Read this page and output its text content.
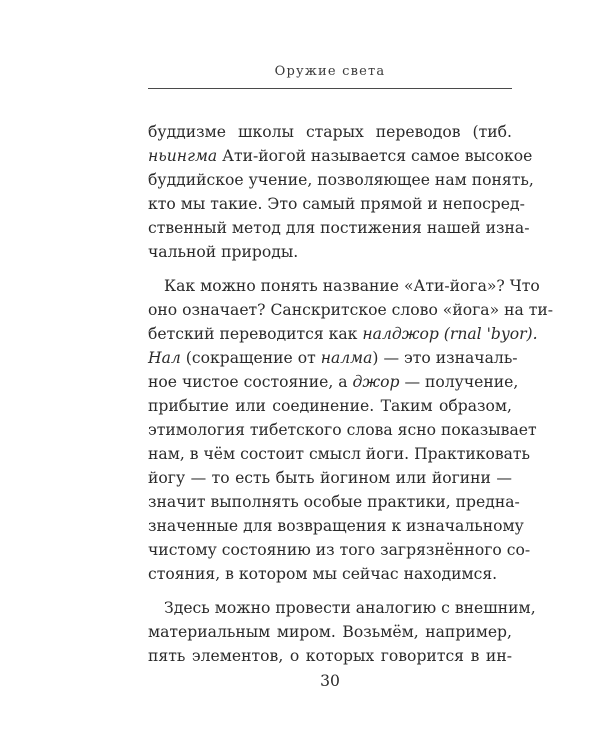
Оружие света
буддизме школы старых переводов (тиб.
ньингма Ати-йогой называется самое высокое
буддийское учение, позволяющее нам понять,
кто мы такие. Это самый прямой и непосред-
ственный метод для постижения нашей изна-
чальной природы.
Как можно понять название «Ати-йога»? Что
оно означает? Санскритское слово «йога» на ти-
бетский переводится как налджор (rnal 'byor).
Нал (сокращение от налма) — это изначаль-
ное чистое состояние, а джор — получение,
прибытие или соединение. Таким образом,
этимология тибетского слова ясно показывает
нам, в чём состоит смысл йоги. Практиковать
йогу — то есть быть йогином или йогини —
значит выполнять особые практики, предна-
значенные для возвращения к изначальному
чистому состоянию из того загрязнённого со-
стояния, в котором мы сейчас находимся.
Здесь можно провести аналогию с внешним,
материальным миром. Возьмём, например,
пять элементов, о которых говорится в ин-
30
